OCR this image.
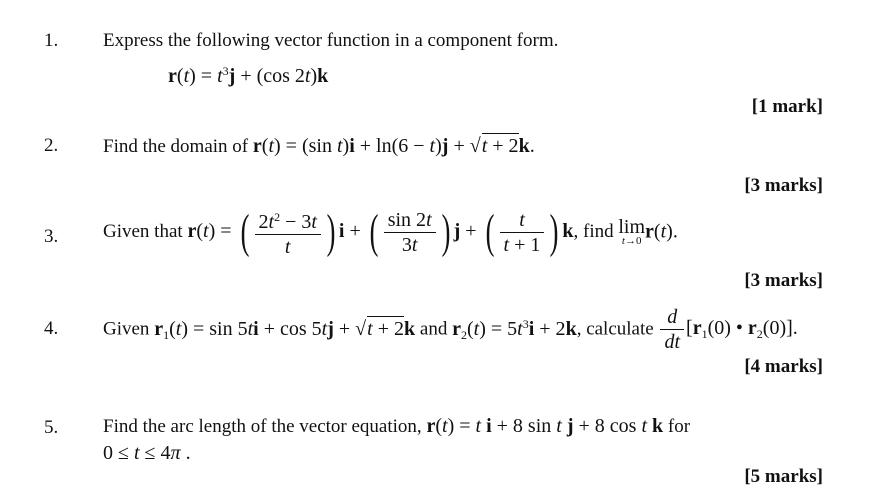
1. Express the following vector function in a component form.
$r(t) = t^3j + (\cos$ 2t)k
[1 mark]
2. Find the domain of r(t) = (sin t)i + ln(6 − t)j + √t + 2k.
[3 marks]
3. Given that r(t) = ( $\frac{2t^2 - 3t}{t}$ ) i + ( $\frac{\sin 2t}{3t}$ ) j + ( $\frac{t}{t + 1}$ ) k, find lim
t→0 r(t).
[3 marks]
4. Given $r_1(t) = \sin 5ti + \cos 5tj + √t + 2k$ and $r_2(t) = 5t^3i + 2k$, calculate $\frac{d}{dt} [r_1(0)$ • $r_2(0)$].
[4 marks]
5. Find the arc length of the vector equation, r(t) = t i + 8 sin t j + 8 cos t k for
0 ≤ t ≤ 4π .
[5 marks]
